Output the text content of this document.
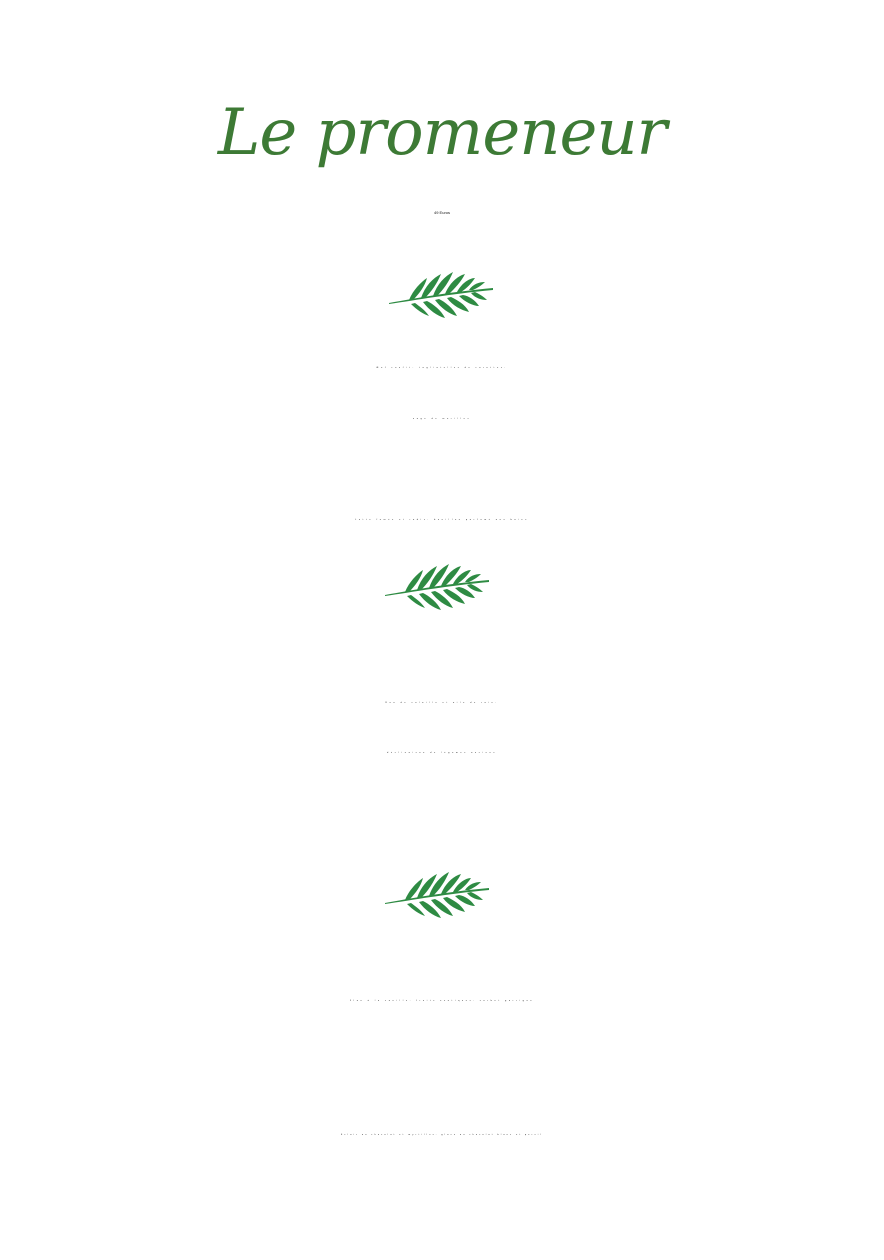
Le promeneur
49 Euros
Œuf confit, tagliatelles de carottes,
nage de morilles
Lotte fumée et radis, bouillon parfumé aux baies
Duo de volaille et aile de raie,
déclinaison de légumes anciens
Flan à la vanille, fruits exotiques, sorbet garrigue
Eclair au chocolat et myrtilles, glace au chocolat blanc et persil
